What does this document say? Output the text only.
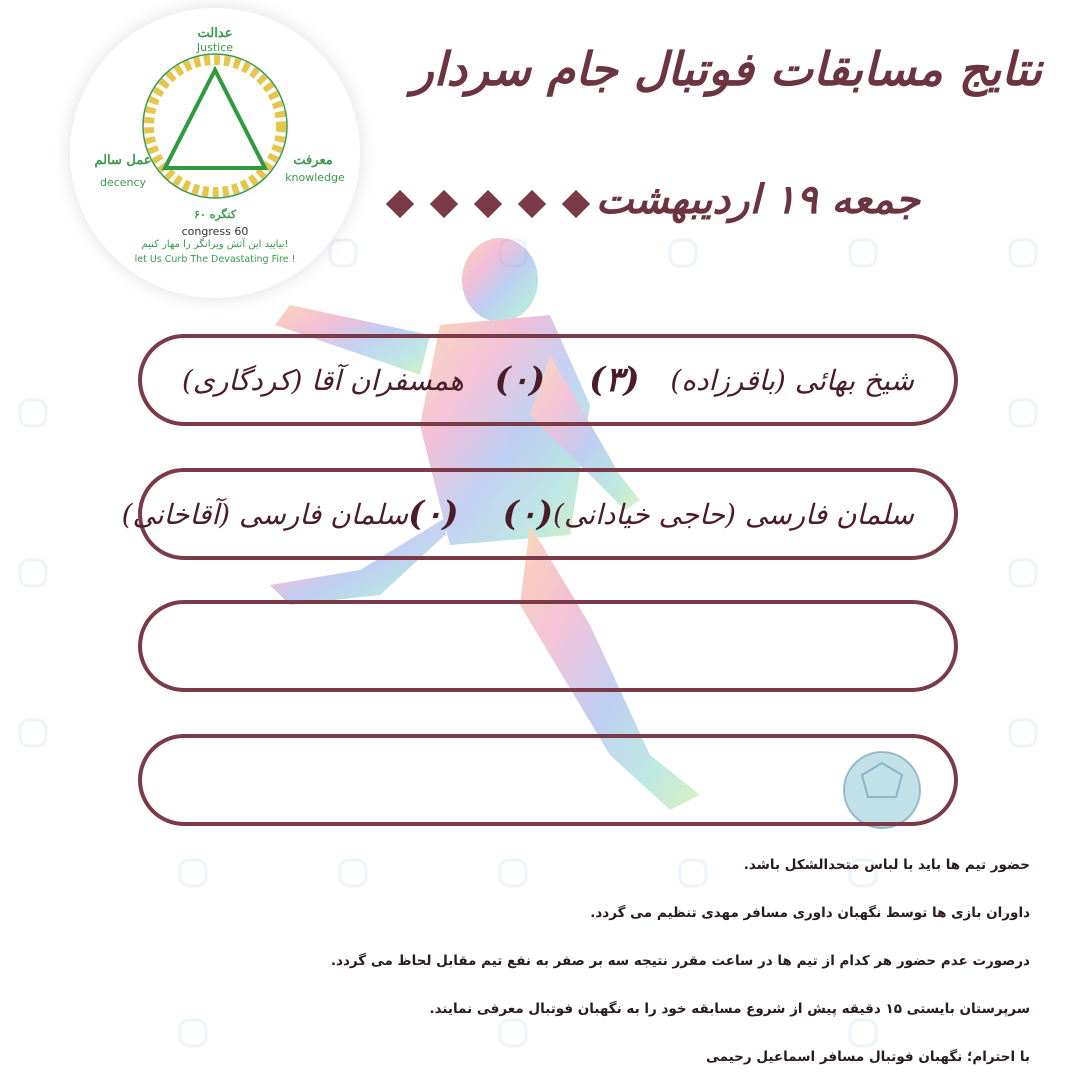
عدالت
Justice
عمل سالم
decency
معرفت
knowledge
کنگره ۶۰
congress 60
بیایید این آتش ویرانگر را مهار کنیم!
let Us Curb The Devastating Fire !
نتایج مسابقات فوتبال جام سردار
جمعه ۱۹ اردیبهشت
شیخ بهائی (باقرزاده)
(۳)
(۰)
همسفران آقا (کردگاری)
سلمان فارسی (حاجی خیادانی)
(۰)
(۰)
سلمان فارسی (آقاخانی)
حضور تیم ها باید با لباس متحدالشکل باشد.
داوران بازی ها توسط نگهبان داوری مسافر مهدی تنظیم می گردد.
درصورت عدم حضور هر کدام از تیم ها در ساعت مقرر نتیجه سه بر صفر به نفع تیم مقابل لحاظ می گردد.
سرپرستان بایستی ۱۵ دقیقه پیش از شروع مسابقه خود را به نگهبان فوتبال معرفی نمایند.
با احترام؛ نگهبان فوتبال مسافر اسماعیل رحیمی
